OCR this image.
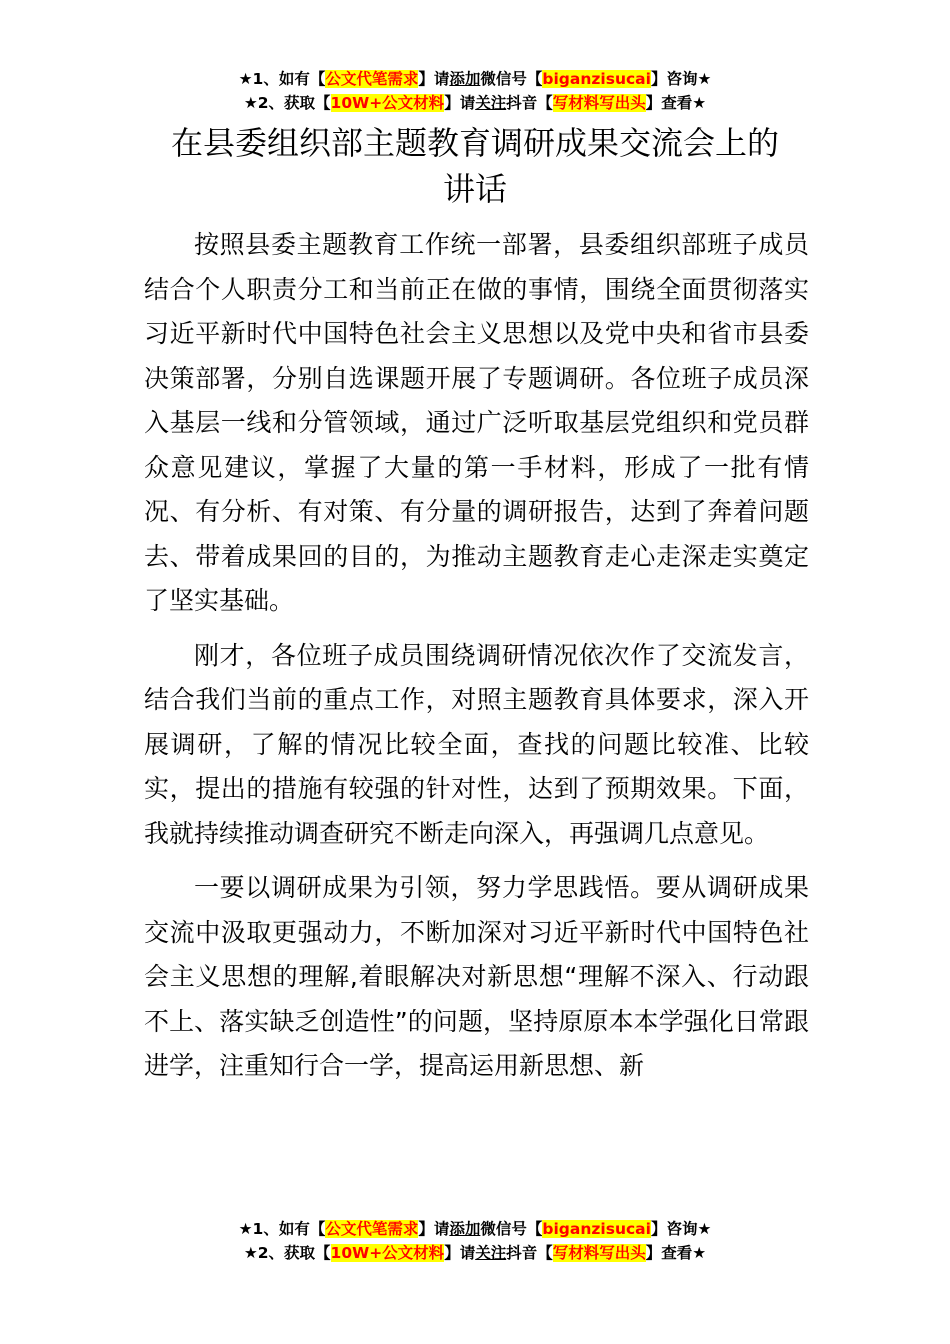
★1、如有【公文代笔需求】请添加微信号【biganzisucai】咨询★
★2、获取【10W+公文材料】请关注抖音【写材料写出头】查看★
在县委组织部主题教育调研成果交流会上的
讲话

按照县委主题教育工作统一部署，县委组织部班子成员结合个人职责分工和当前正在做的事情，围绕全面贯彻落实习近平新时代中国特色社会主义思想以及党中央和省市县委决策部署，分别自选课题开展了专题调研。各位班子成员深入基层一线和分管领域，通过广泛听取基层党组织和党员群众意见建议，掌握了大量的第一手材料，形成了一批有情况、有分析、有对策、有分量的调研报告，达到了奔着问题去、带着成果回的目的，为推动主题教育走心走深走实奠定了坚实基础。

刚才，各位班子成员围绕调研情况依次作了交流发言，结合我们当前的重点工作，对照主题教育具体要求，深入开展调研，了解的情况比较全面，查找的问题比较准、比较实，提出的措施有较强的针对性，达到了预期效果。下面，我就持续推动调查研究不断走向深入，再强调几点意见。

一要以调研成果为引领，努力学思践悟。要从调研成果交流中汲取更强动力，不断加深对习近平新时代中国特色社会主义思想的理解,着眼解决对新思想“理解不深入、行动跟不上、落实缺乏创造性”的问题，坚持原原本本学强化日常跟进学，注重知行合一学，提高运用新思想、新

★1、如有【公文代笔需求】请添加微信号【biganzisucai】咨询★
★2、获取【10W+公文材料】请关注抖音【写材料写出头】查看★
